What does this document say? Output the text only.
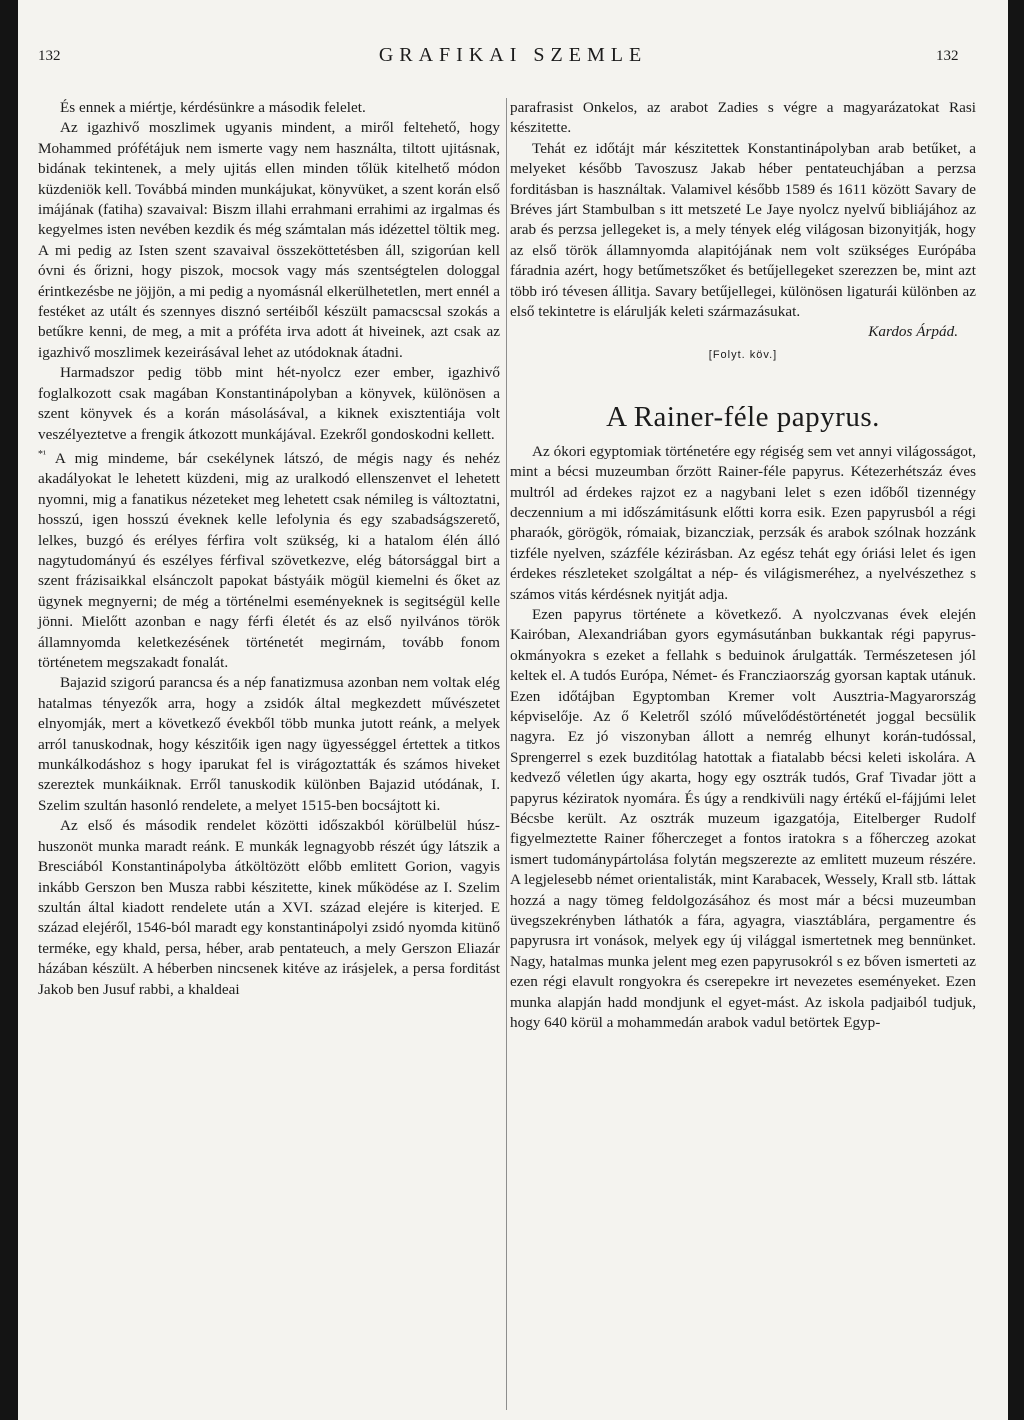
132	GRAFIKAI SZEMLE	132

És ennek a miértje, kérdésünkre a második felelet.

Az igazhivő moszlimek ugyanis mindent, a miről feltehető, hogy Mohammed prófétájuk nem ismerte vagy nem használta, tiltott ujitásnak, bidának tekintenek, a mely ujitás ellen minden tőlük kitelhető módon küzdeniök kell. Továbbá minden munkájukat, könyvüket, a szent korán első imájának (fatiha) szavaival: Biszm illahi errahmani errahimi az irgalmas és kegyelmes isten nevében kezdik és még számtalan más idézettel töltik meg. A mi pedig az Isten szent szavaival összeköttetésben áll, szigorúan kell óvni és őrizni, hogy piszok, mocsok vagy más szentségtelen dologgal érintkezésbe ne jöjjön, a mi pedig a nyomásnál elkerülhetetlen, mert ennél a festéket az utált és szennyes disznó sertéiből készült pamacscsal szokás a betűkre kenni, de meg, a mit a próféta irva adott át hiveinek, azt csak az igazhivő moszlimek kezeirásával lehet az utódoknak átadni.

Harmadszor pedig több mint hét-nyolcz ezer ember, igazhivő foglalkozott csak magában Konstantinápolyban a könyvek, különösen a szent könyvek és a korán másolásával, a kiknek exisztentiája volt veszélyeztetve a frengik átkozott munkájával. Ezekről gondoskodni kellett.

$^{*^1}$ A mig mindeme, bár csekélynek látszó, de mégis nagy és nehéz akadályokat le lehetett küzdeni, mig az uralkodó ellenszenvet el lehetett nyomni, mig a fanatikus nézeteket meg lehetett csak némileg is változtatni, hosszú, igen hosszú éveknek kelle lefolynia és egy szabadságszerető, lelkes, buzgó és erélyes férfira volt szükség, ki a hatalom élén álló nagytudományú és eszélyes férfival szövetkezve, elég bátorsággal birt a szent frázisaikkal elsánczolt papokat bástyáik mögül kiemelni és őket az ügynek megnyerni; de még a történelmi eseményeknek is segitségül kelle jönni. Mielőtt azonban e nagy férfi életét és az első nyilvános török államnyomda keletkezésének történetét megirnám, tovább fonom történetem megszakadt fonalát.

Bajazid szigorú parancsa és a nép fanatizmusa azonban nem voltak elég hatalmas tényezők arra, hogy a zsidók által megkezdett művészetet elnyomják, mert a következő évekből több munka jutott reánk, a melyek arról tanuskodnak, hogy készitőik igen nagy ügyességgel értettek a titkos munkálkodáshoz s hogy iparukat fel is virágoztatták és számos hiveket szereztek munkáiknak. Erről tanuskodik különben Bajazid utódának, I. Szelim szultán hasonló rendelete, a melyet 1515-ben bocsájtott ki.

Az első és második rendelet közötti időszakból körülbelül húsz-huszonöt munka maradt reánk. E munkák legnagyobb részét úgy látszik a Bresciából Konstantinápolyba átköltözött előbb emlitett Gorion, vagyis inkább Gerszon ben Musza rabbi készitette, kinek működése az I. Szelim szultán által kiadott rendelete után a XVI. század elejére is kiterjed. E század elejéről, 1546-ból maradt egy konstantinápolyi zsidó nyomda kitünő terméke, egy khald, persa, héber, arab pentateuch, a mely Gerszon Eliazár házában készült. A héberben nincsenek kitéve az irásjelek, a persa forditást Jakob ben Jusuf rabbi, a khaldeai

parafrasist Onkelos, az arabot Zadies s végre a magyarázatokat Rasi készitette.

Tehát ez időtájt már készitettek Konstantinápolyban arab betűket, a melyeket később Tavoszusz Jakab héber pentateuchjában a perzsa forditásban is használtak. Valamivel később 1589 és 1611 között Savary de Bréves járt Stambulban s itt metszeté Le Jaye nyolcz nyelvű bibliájához az arab és perzsa jellegeket is, a mely tények elég világosan bizonyitják, hogy az első török államnyomda alapitójának nem volt szükséges Európába fáradnia azért, hogy betűmetszőket és betűjellegeket szerezzen be, mint azt több iró tévesen állitja. Savary betűjellegei, különösen ligaturái különben az első tekintetre is elárulják keleti származásukat.

Kardos Árpád.

[Folyt. köv.]

A Rainer-féle papyrus.

Az ókori egyptomiak történetére egy régiség sem vet annyi világosságot, mint a bécsi muzeumban őrzött Rainer-féle papyrus. Kétezerhétszáz éves multról ad érdekes rajzot ez a nagybani lelet s ezen időből tizennégy deczennium a mi időszámitásunk előtti korra esik. Ezen papyrusból a régi pharaók, görögök, rómaiak, bizancziak, perzsák és arabok szólnak hozzánk tizféle nyelven, százféle kézirásban. Az egész tehát egy óriási lelet és igen érdekes részleteket szolgáltat a nép- és világismeréhez, a nyelvészethez s számos vitás kérdésnek nyitját adja.

Ezen papyrus története a következő. A nyolczvanas évek elején Kairóban, Alexandriában gyors egymásutánban bukkantak régi papyrus-okmányokra s ezeket a fellahk s beduinok árulgatták. Természetesen jól keltek el. A tudós Európa, Német- és Francziaország gyorsan kaptak utánuk. Ezen időtájban Egyptomban Kremer volt Ausztria-Magyarország képviselője. Az ő Keletről szóló művelődéstörténetét joggal becsülik nagyra. Ez jó viszonyban állott a nemrég elhunyt korán-tudóssal, Sprengerrel s ezek buzditólag hatottak a fiatalabb bécsi keleti iskolára. A kedvező véletlen úgy akarta, hogy egy osztrák tudós, Graf Tivadar jött a papyrus kéziratok nyomára. És úgy a rendkivüli nagy értékű el-fájjúmi lelet Bécsbe került. Az osztrák muzeum igazgatója, Eitelberger Rudolf figyelmeztette Rainer főherczeget a fontos iratokra s a főherczeg azokat ismert tudománypártolása folytán megszerezte az emlitett muzeum részére. A legjelesebb német orientalisták, mint Karabacek, Wessely, Krall stb. láttak hozzá a nagy tömeg feldolgozásához és most már a bécsi muzeumban üvegszekrényben láthatók a fára, agyagra, viasztáblára, pergamentre és papyrusra irt vonások, melyek egy új világgal ismertetnek meg bennünket. Nagy, hatalmas munka jelent meg ezen papyrusokról s ez bőven ismerteti az ezen régi elavult rongyokra és cserepekre irt nevezetes eseményeket. Ezen munka alapján hadd mondjunk el egyet-mást. Az iskola padjaiból tudjuk, hogy 640 körül a mohammedán arabok vadul betörtek Egyp-
